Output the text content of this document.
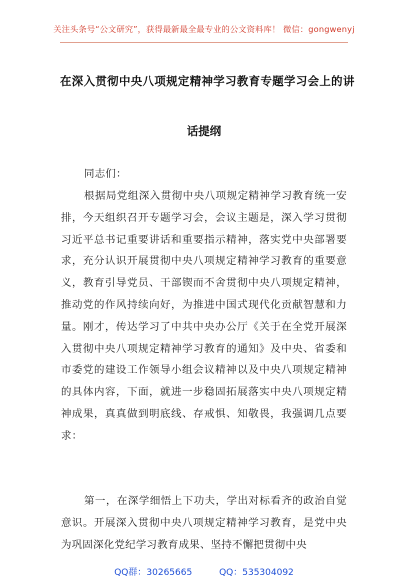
关注头条号“公文研究”，获得最新最全最专业的公文资料库！ 微信：gongwenyj
在深入贯彻中央八项规定精神学习教育专题学习会上的讲
话提纲

同志们：

根据局党组深入贯彻中央八项规定精神学习教育统一安排，今天组织召开专题学习会，会议主题是，深入学习贯彻习近平总书记重要讲话和重要指示精神，落实党中央部署要求，充分认识开展贯彻中央八项规定精神学习教育的重要意义，教育引导党员、干部锲而不舍贯彻中央八项规定精神，推动党的作风持续向好，为推进中国式现代化贡献智慧和力量。刚才，传达学习了中共中央办公厅《关于在全党开展深入贯彻中央八项规定精神学习教育的通知》及中央、省委和市委党的建设工作领导小组会议精神以及中央八项规定精神的具体内容，下面，就进一步稳固拓展落实中央八项规定精神成果，真真做到明底线、存戒惧、知敬畏，我强调几点要求：

第一，在深学细悟上下功夫，学出对标看齐的政治自觉意识。开展深入贯彻中央八项规定精神学习教育，是党中央为巩固深化党纪学习教育成果、坚持不懈把贯彻中央

QQ群：30265665	QQ：535304092
